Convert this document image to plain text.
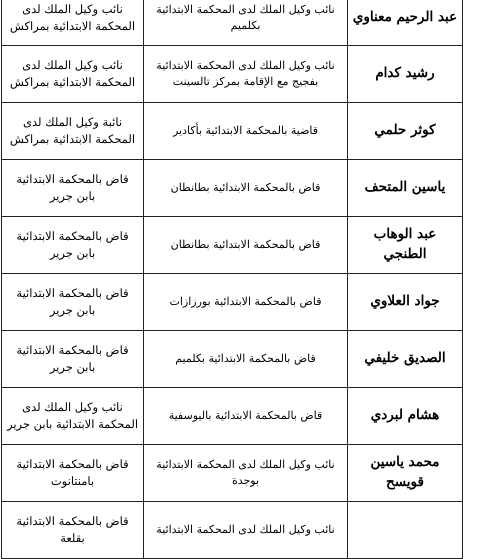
عبد الرحيم معناوي	نائب وكيل الملك لدى المحكمة الابتدائية بكلميم	نائب وكيل الملك لدى المحكمة الابتدائية بمراكش
رشيد كدام	نائب وكيل الملك لدى المحكمة الابتدائية بفجيج مع الإقامة بمركز تالسينت	نائب وكيل الملك لدى المحكمة الابتدائية بمراكش
كوثر حلمي	قاضية بالمحكمة الابتدائية بأكادير	نائبة وكيل الملك لدى المحكمة الابتدائية بمراكش
ياسين المتحف	قاض بالمحكمة الابتدائية بطانطان	قاض بالمحكمة الابتدائية بابن جرير
عبد الوهاب الطنجي	قاض بالمحكمة الابتدائية بطانطان	قاض بالمحكمة الابتدائية بابن جرير
جواد العلاوي	قاض بالمحكمة الابتدائية بورزازات	قاض بالمحكمة الابتدائية بابن جرير
الصديق خليفي	قاض بالمحكمة الابتدائية بكلميم	قاض بالمحكمة الابتدائية بابن جرير
هشام لبردي	قاض بالمحكمة الابتدائية باليوسفية	نائب وكيل الملك لدى المحكمة الابتدائية بابن جرير
محمد ياسين قويسح	نائب وكيل الملك لدى المحكمة الابتدائية بوجدة	قاض بالمحكمة الابتدائية بامنتانوت
	نائب وكيل الملك لدى المحكمة الابتدائية	قاض بالمحكمة الابتدائية بقلعة
